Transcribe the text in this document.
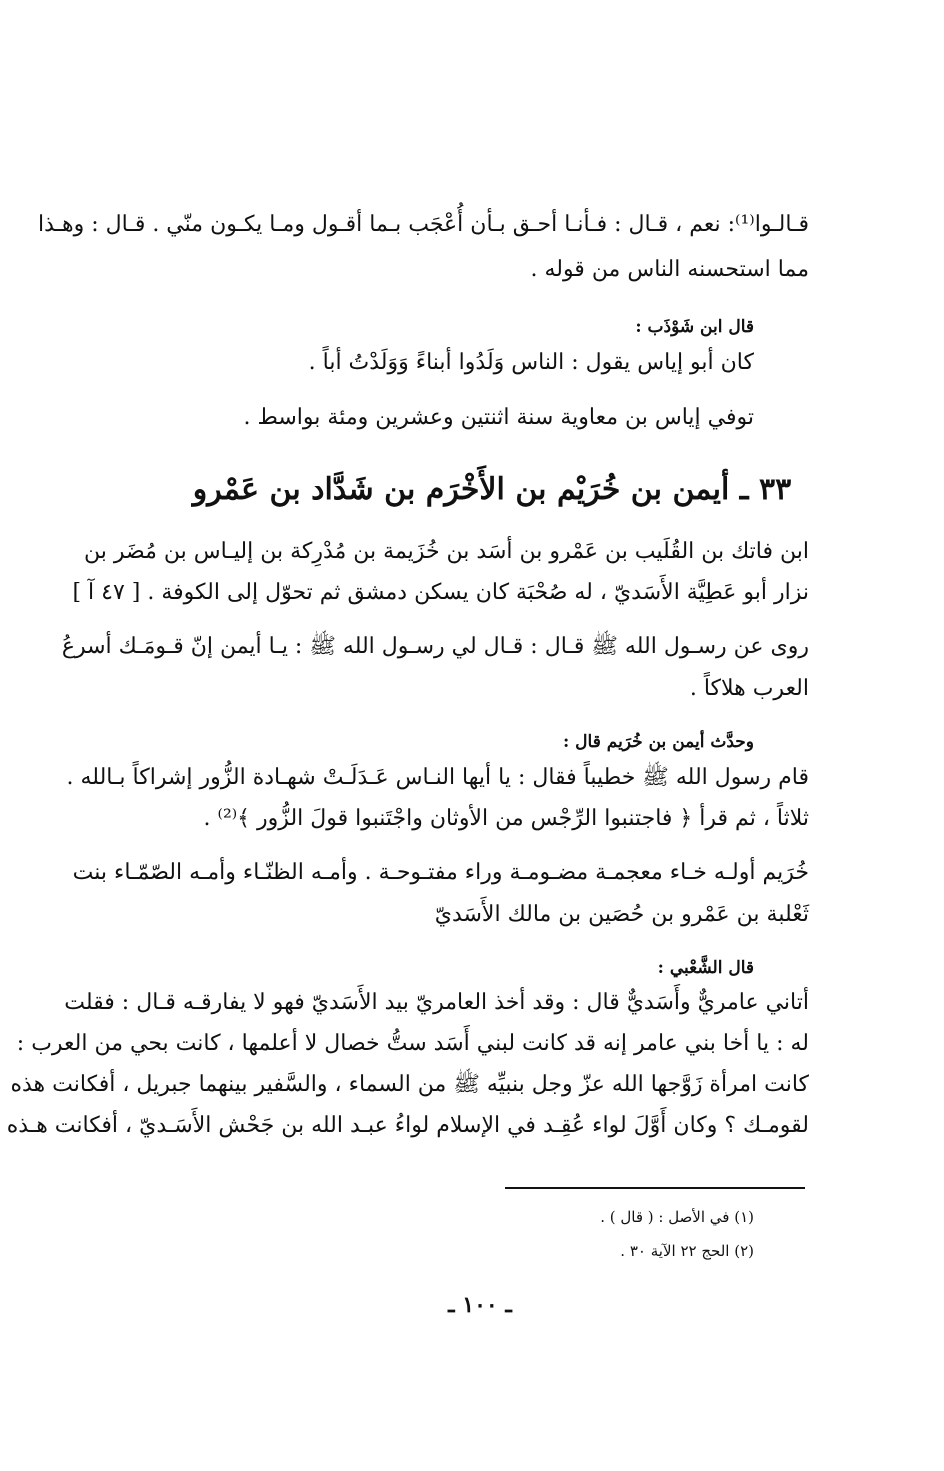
قـالـوا⁽¹⁾: نعم ، قـال : فـأنـا أحـق بـأن أُعْجَب بـما أقـول ومـا يكـون منّي . قـال : وهـذا
مما استحسنه الناس من قوله .
قال ابن شَوْذَب :
كان أبو إياس يقول : الناس وَلَدُوا أبناءً وَوَلَدْتُ أباً .
توفي إياس بن معاوية سنة اثنتين وعشرين ومئة بواسط .
٣٣ ـ أيمن بن خُرَيْم بن الأَخْرَم بن شَدَّاد بن عَمْرو
ابن فاتك بن القُلَيب بن عَمْرو بن أسَد بن خُزَيمة بن مُدْرِكة بن إليـاس بن مُضَر بن
نزار أبو عَطِيَّة الأَسَديّ ، له صُحْبَة كان يسكن دمشق ثم تحوّل إلى الكوفة . [ ٤٧ آ ]
روى عن رسـول الله ﷺ قـال : قـال لي رسـول الله ﷺ : يـا أيمن إنّ قـومَـك أسرعُ
العرب هلاكاً .
وحدَّث أيمن بن خُرَيم قال :
قام رسول الله ﷺ خطيباً فقال : يا أيها النـاس عَـدَلَـتْ شهـادة الزُّور إشراكاً بـالله .
ثلاثاً ، ثم قرأ ﴿ فاجتنبوا الرِّجْس من الأوثان واجْتَنبوا قولَ الزُّور ﴾⁽²⁾ .
خُرَيم أولـه خـاء معجمـة مضـومـة وراء مفتـوحـة . وأمـه الظنّـاء وأمـه الصّمّـاء بنت
ثَعْلبة بن عَمْرو بن حُصَين بن مالك الأَسَديّ
قال الشَّعْبي :
أتاني عامريٌّ وأَسَديٌّ قال : وقد أخذ العامريّ بيد الأَسَديّ فهو لا يفارقـه قـال : فقلت
له : يا أخا بني عامر إنه قد كانت لبني أَسَد ستُّ خصال لا أعلمها ، كانت بحي من العرب :
كانت امرأة زَوَّجها الله عزّ وجل بنبيِّه ﷺ من السماء ، والسَّفير بينهما جبريل ، أفكانت هذه
لقومـك ؟ وكان أَوَّلَ لواء عُقِـد في الإسلام لواءُ عبـد الله بن جَحْش الأَسَـديّ ، أفكانت هـذه
(١) في الأصل : ( قال ) .
(٢) الحج ٢٢ الآية ٣٠ .
ـ ١٠٠ ـ
